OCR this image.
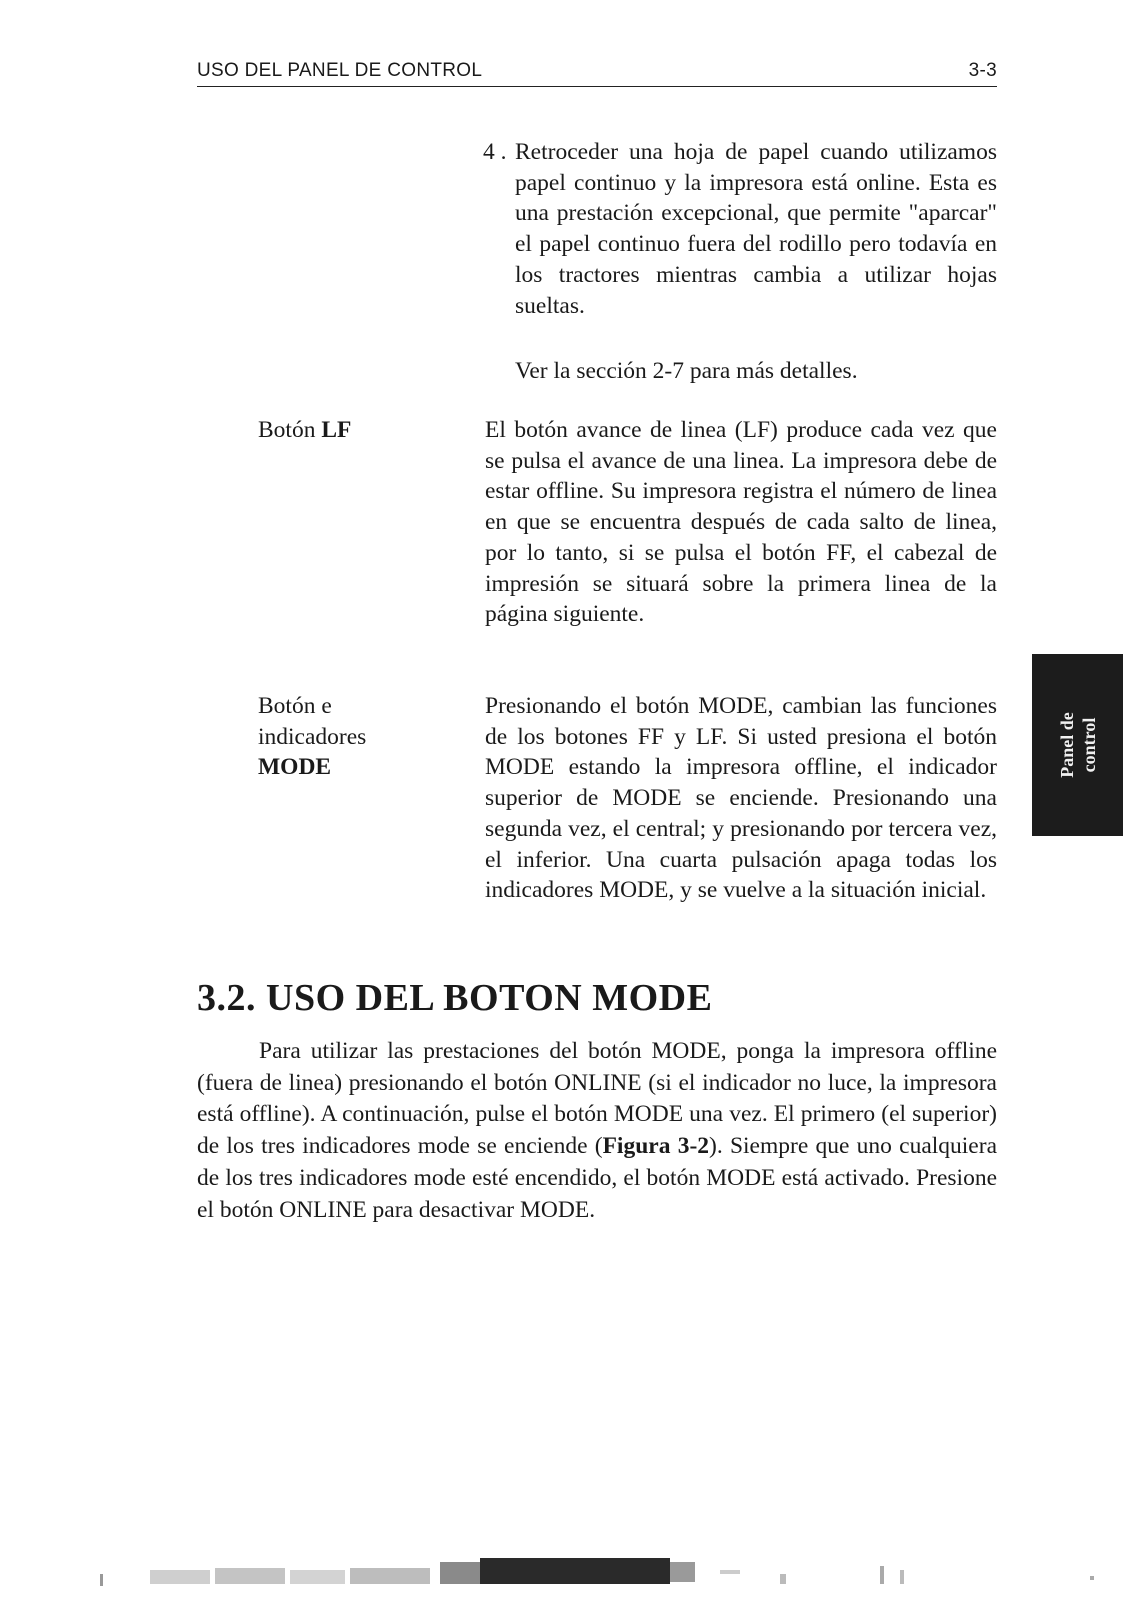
USO DEL PANEL DE CONTROL	3-3
4 . Retroceder una hoja de papel cuando utilizamos papel continuo y la impresora está online. Esta es una prestación excepcional, que permite "aparcar" el papel continuo fuera del rodillo pero todavía en los tractores mientras cambia a utilizar hojas sueltas.
Ver la sección 2-7 para más detalles.
Botón LF	El botón avance de linea (LF) produce cada vez que se pulsa el avance de una linea. La impresora debe de estar offline. Su impresora registra el número de linea en que se encuentra después de cada salto de linea, por lo tanto, si se pulsa el botón FF, el cabezal de impresión se situará sobre la primera linea de la página siguiente.
Botón e
indicadores
MODE
Presionando el botón MODE, cambian las funciones de los botones FF y LF. Si usted presiona el botón MODE estando la impresora offline, el indicador superior de MODE se enciende. Presionando una segunda vez, el central; y presionando por tercera vez, el inferior. Una cuarta pulsación apaga todas los indicadores MODE, y se vuelve a la situación inicial.
3.2. USO DEL BOTON MODE
Para utilizar las prestaciones del botón MODE, ponga la impresora offline (fuera de linea) presionando el botón ONLINE (si el indicador no luce, la impresora está offline). A continuación, pulse el botón MODE una vez. El primero (el superior) de los tres indicadores mode se enciende (Figura 3-2). Siempre que uno cualquiera de los tres indicadores mode esté encendido, el botón MODE está activado. Presione el botón ONLINE para desactivar MODE.
Panel de control
